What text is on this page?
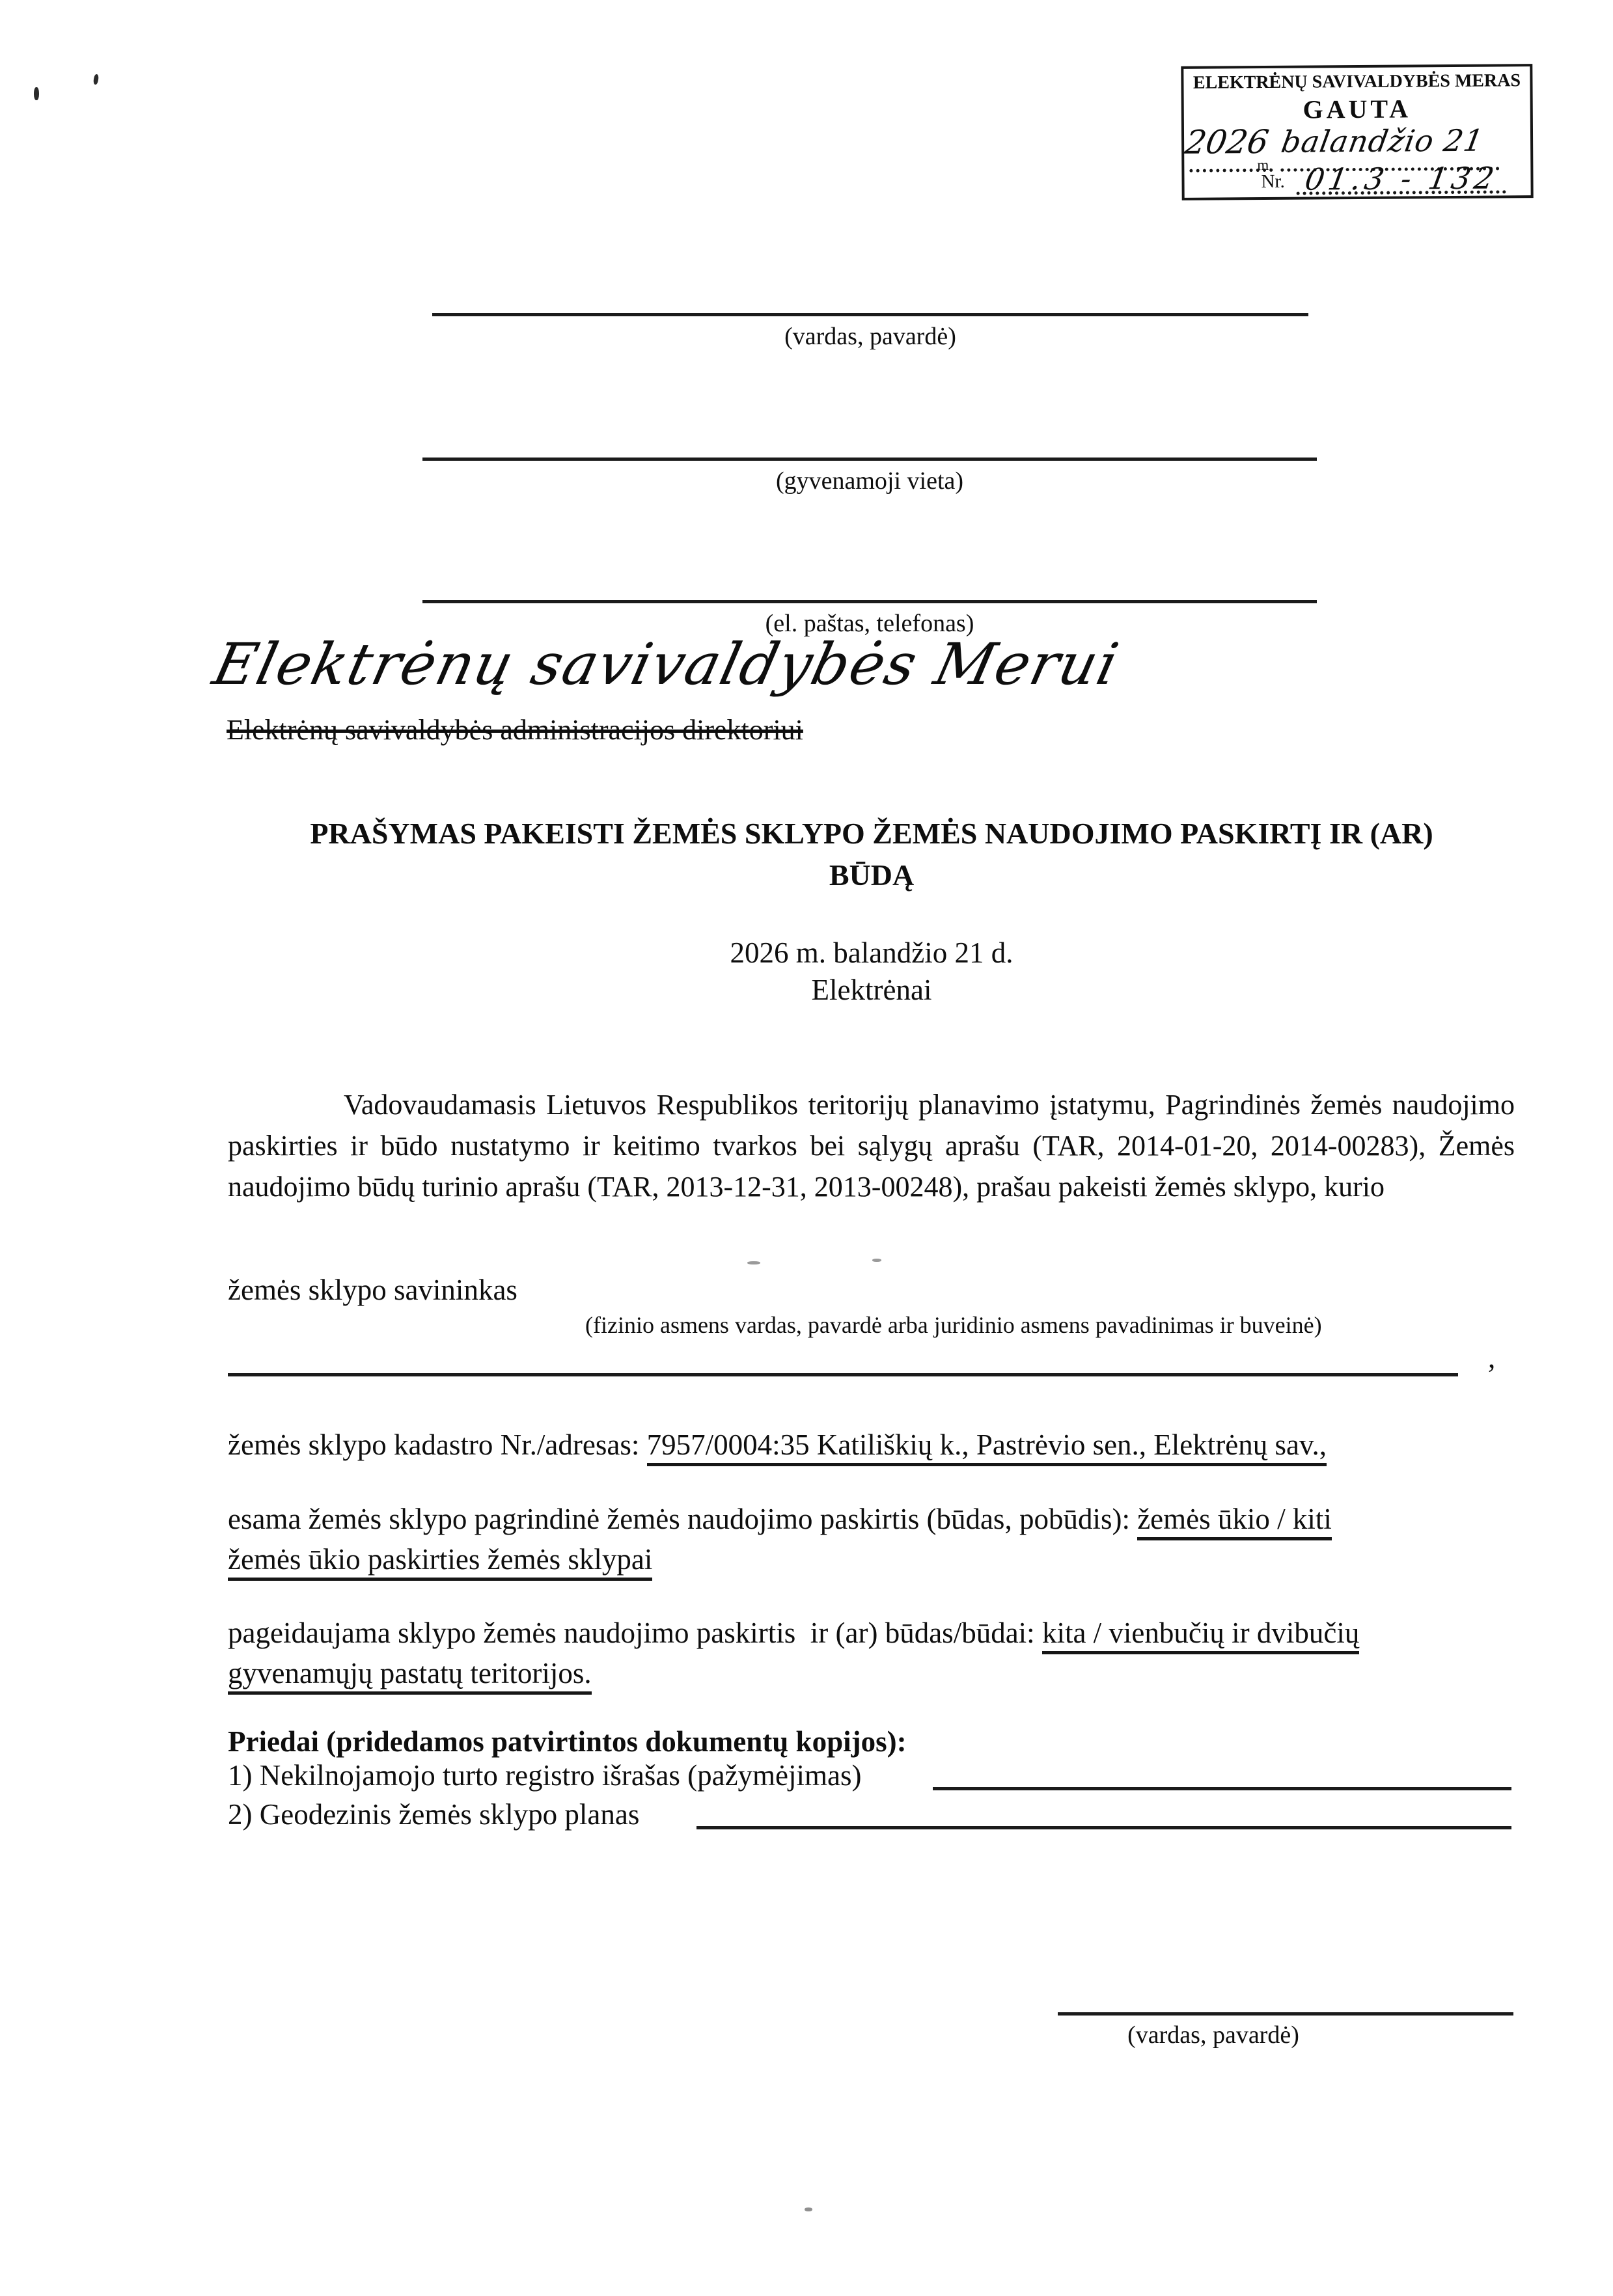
ELEKTRĖNŲ SAVIVALDYBĖS MERAS
GAUTA
2026
m.
balandžio 21
Nr. 01.3 - 132
(vardas, pavardė)
(gyvenamoji vieta)
(el. paštas, telefonas)
Elektrėnų savivaldybės Merui
Elektrėnų savivaldybės administracijos direktoriui
PRAŠYMAS PAKEISTI ŽEMĖS SKLYPO ŽEMĖS NAUDOJIMO PASKIRTĮ IR (AR)
BŪDĄ
2026 m. balandžio 21 d.
Elektrėnai
Vadovaudamasis Lietuvos Respublikos teritorijų planavimo įstatymu, Pagrindinės žemės naudojimo paskirties ir būdo nustatymo ir keitimo tvarkos bei sąlygų aprašu (TAR, 2014-01-20, 2014-00283), Žemės naudojimo būdų turinio aprašu (TAR, 2013-12-31, 2013-00248), prašau pakeisti žemės sklypo, kurio
žemės sklypo savininkas
(fizinio asmens vardas, pavardė arba juridinio asmens pavadinimas ir buveinė)
,
žemės sklypo kadastro Nr./adresas: 7957/0004:35 Katiliškių k., Pastrėvio sen., Elektrėnų sav.,
esama žemės sklypo pagrindinė žemės naudojimo paskirtis (būdas, pobūdis): žemės ūkio / kiti
žemės ūkio paskirties žemės sklypai
pageidaujama sklypo žemės naudojimo paskirtis  ir (ar) būdas/būdai: kita / vienbučių ir dvibučių
gyvenamųjų pastatų teritorijos.
Priedai (pridedamos patvirtintos dokumentų kopijos):
1) Nekilnojamojo turto registro išrašas (pažymėjimas)
2) Geodezinis žemės sklypo planas
(vardas, pavardė)
